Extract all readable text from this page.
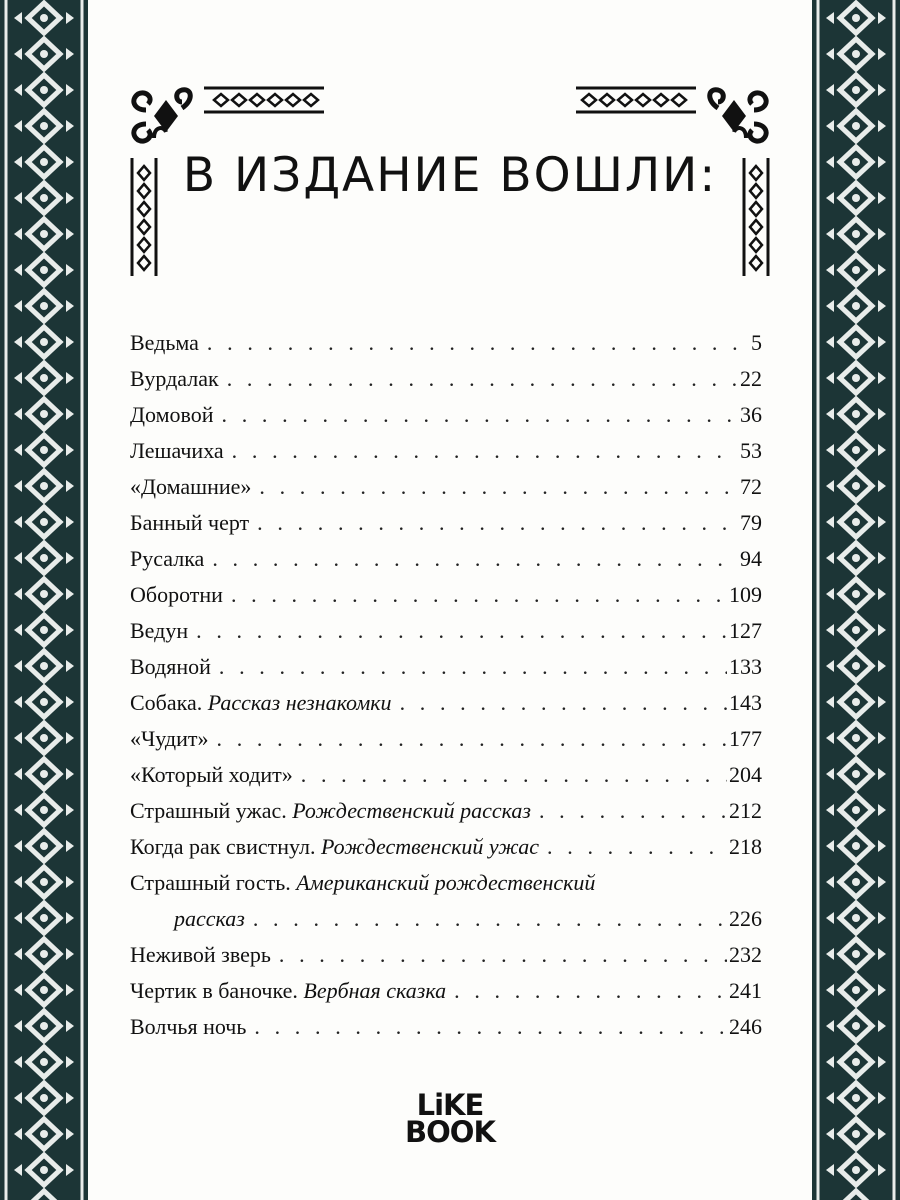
В ИЗДАНИЕ ВОШЛИ:
Ведьма . . .	5
Вурдалак . . .	22
Домовой . . .	36
Лешачиха . . .	53
«Домашние» . . .	72
Банный черт . . .	79
Русалка . . .	94
Оборотни . . .	109
Ведун . . .	127
Водяной . . .	133
Собака. Рассказ незнакомки . . .	143
«Чудит» . . .	177
«Который ходит» . . .	204
Страшный ужас. Рождественский рассказ . . .	212
Когда рак свистнул. Рождественский ужас . . .	218
Страшный гость. Американский рождественский
рассказ . . .	226
Неживой зверь . . .	232
Чертик в баночке. Вербная сказка . . .	241
Волчья ночь . . .	246
LiKE
BOOK
